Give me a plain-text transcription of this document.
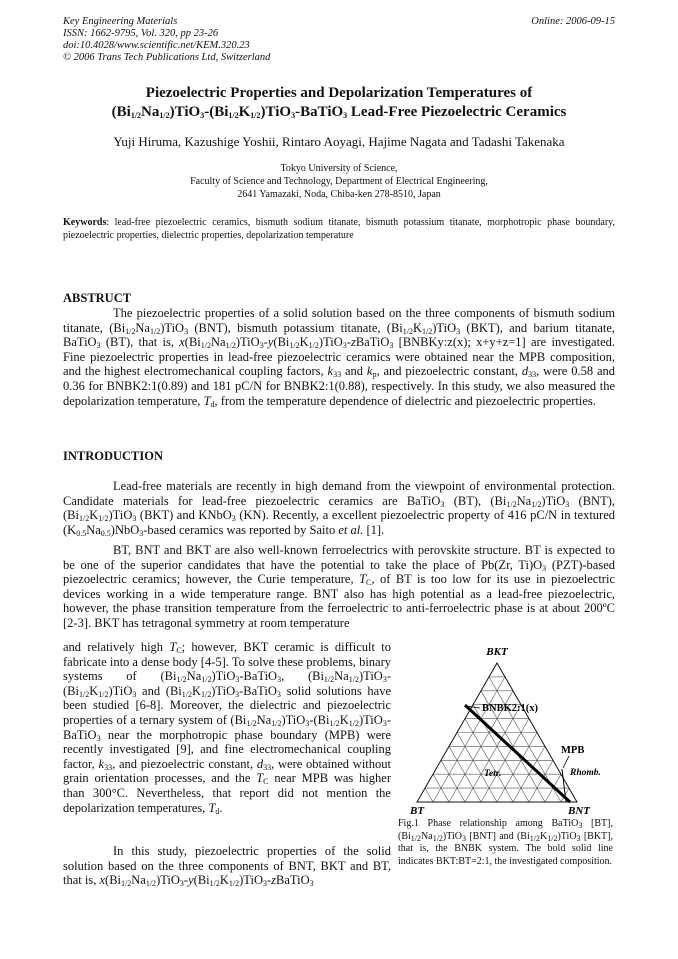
Key Engineering Materials
ISSN: 1662-9795, Vol. 320, pp 23-26
doi:10.4028/www.scientific.net/KEM.320.23
© 2006 Trans Tech Publications Ltd, Switzerland
Online: 2006-09-15
Piezoelectric Properties and Depolarization Temperatures of
$(Bi_{1/2}Na_{1/2})TiO_3-(Bi_{1/2}K_{1/2})TiO_3-BaTiO_3$ Lead-Free Piezoelectric Ceramics
Yuji Hiruma, Kazushige Yoshii, Rintaro Aoyagi, Hajime Nagata and Tadashi Takenaka
Tokyo University of Science,
Faculty of Science and Technology, Department of Electrical Engineering,
2641 Yamazaki, Noda, Chiba-ken 278-8510, Japan
Keywords: lead-free piezoelectric ceramics, bismuth sodium titanate, bismuth potassium titanate, morphotropic phase boundary, piezoelectric properties, dielectric properties, depolarization temperature
ABSTRUCT

The piezoelectric properties of a solid solution based on the three components of bismuth sodium titanate, $(Bi_{1/2}Na_{1/2})TiO_3$ (BNT), bismuth potassium titanate, $(Bi_{1/2}K_{1/2})TiO_3$ (BKT), and barium titanate, BaTiO$_3$ (BT), that is, $x(Bi_{1/2}Na_{1/2})TiO_3-y(Bi_{1/2}K_{1/2})TiO_3-zBaTiO_3$ [BNBKy:z(x); x+y+z=1] are investigated. Fine piezoelectric properties in lead-free piezoelectric ceramics were obtained near the MPB composition, and the highest electromechanical coupling factors, $k_{33}$ and $k_p$, and piezoelectric constant, $d_{33}$, were 0.58 and 0.36 for BNBK2:1(0.89) and 181 pC/N for BNBK2:1(0.88), respectively. In this study, we also measured the depolarization temperature, $T_d$, from the temperature dependence of dielectric and piezoelectric properties.

INTRODUCTION

Lead-free materials are recently in high demand from the viewpoint of environmental protection. Candidate materials for lead-free piezoelectric ceramics are BaTiO$_3$ (BT), $(Bi_{1/2}Na_{1/2})TiO_3$ (BNT), $(Bi_{1/2}K_{1/2})TiO_3$ (BKT) and KNbO$_3$ (KN). Recently, a excellent piezoelectric property of 416 pC/N in textured $(K_{0.5}Na_{0.5})NbO_3$-based ceramics was reported by Saito et al. [1].

BT, BNT and BKT are also well-known ferroelectrics with perovskite structure. BT is expected to be one of the superior candidates that have the potential to take the place of Pb(Zr, $Ti)O_3$ (PZT)-based piezoelectric ceramics; however, the Curie temperature, $T_C$, of BT is too low for its use in piezoelectric devices working in a wide temperature range. BNT also has high potential as a lead-free piezoelectric, however, the phase transition temperature from the ferroelectric to anti-ferroelectric phase is at about 200ºC [2-3]. BKT has tetragonal symmetry at room temperature

and relatively high $T_C$; however, BKT ceramic is difficult to fabricate into a dense body [4-5]. To solve these problems, binary systems of $(Bi_{1/2}Na_{1/2})TiO_3-BaTiO_3$, $(Bi_{1/2}Na_{1/2})TiO_3-(Bi_{1/2}K_{1/2})TiO_3$ and $(Bi_{1/2}K_{1/2})TiO_3-BaTiO_3$ solid solutions have been studied [6-8]. Moreover, the dielectric and piezoelectric properties of a ternary system of $(Bi_{1/2}Na_{1/2})TiO_3-(Bi_{1/2}K_{1/2})TiO_3-BaTiO_3$ near the morphotropic phase boundary (MPB) were recently investigated [9], and fine electromechanical coupling factor, $k_{33}$, and piezoelectric constant, $d_{33}$, were obtained without grain orientation processes, and the $T_C$ near MPB was higher than 300°C. Nevertheless, that report did not mention the depolarization temperatures, $T_d$.

In this study, piezoelectric properties of the solid solution based on the three components of BNT, BKT and BT, that is, $x(Bi_{1/2}Na_{1/2})TiO_3-y(Bi_{1/2}K_{1/2})TiO_3-zBaTiO_3$

BKT
BNBK2:1(x)
MPB
Tetr.	Rhomb.
BT	BNT
Fig.1 Phase relationship among BaTiO$_3$ [BT], $(Bi_{1/2}Na_{1/2})TiO_3$ [BNT] and $(Bi_{1/2}K_{1/2})TiO_3$ [BKT], that is, the BNBK system. The bold solid line indicates BKT:BT=2:1, the investigated composition.
